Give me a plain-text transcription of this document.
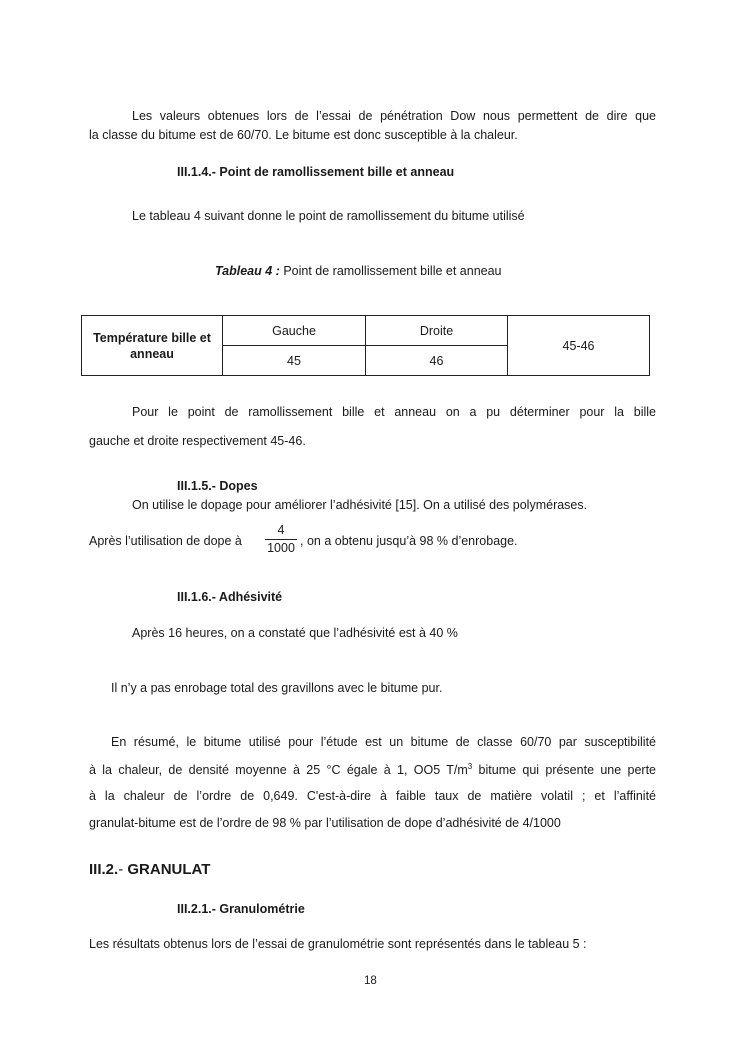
Les valeurs obtenues lors de l’essai de pénétration Dow nous permettent de dire que
la classe du bitume est de 60/70. Le bitume est donc susceptible à la chaleur.
III.1.4.- Point de ramollissement bille et anneau
Le tableau 4 suivant donne le point de ramollissement du bitume utilisé
Tableau 4 : Point de ramollissement bille et anneau
Température bille et anneau	Gauche	Droite	45-46
	45	46	
Pour le point de ramollissement bille et anneau on a pu déterminer pour la bille
gauche et droite respectivement 45-46.
III.1.5.- Dopes
On utilise le dopage pour améliorer l’adhésivité [15]. On a utilisé des polymérases.
Après l’utilisation de dope à
4
1000 , on a obtenu jusqu’à 98 % d’enrobage.
III.1.6.- Adhésivité
Après 16 heures, on a constaté que l’adhésivité est à 40 %
Il n’y a pas enrobage total des gravillons avec le bitume pur.
En résumé, le bitume utilisé pour l’étude est un bitume de classe 60/70 par susceptibilité
à la chaleur, de densité moyenne à 25 °C égale à 1, OO5 $T/m^3$ bitume qui présente une perte
à la chaleur de l’ordre de 0,649. C'est-à-dire à faible taux de matière volatil ; et l’affinité
granulat-bitume est de l’ordre de 98 % par l’utilisation de dope d’adhésivité de 4/1000
III.2.- GRANULAT
III.2.1.- Granulométrie
Les résultats obtenus lors de l’essai de granulométrie sont représentés dans le tableau 5 :
18
